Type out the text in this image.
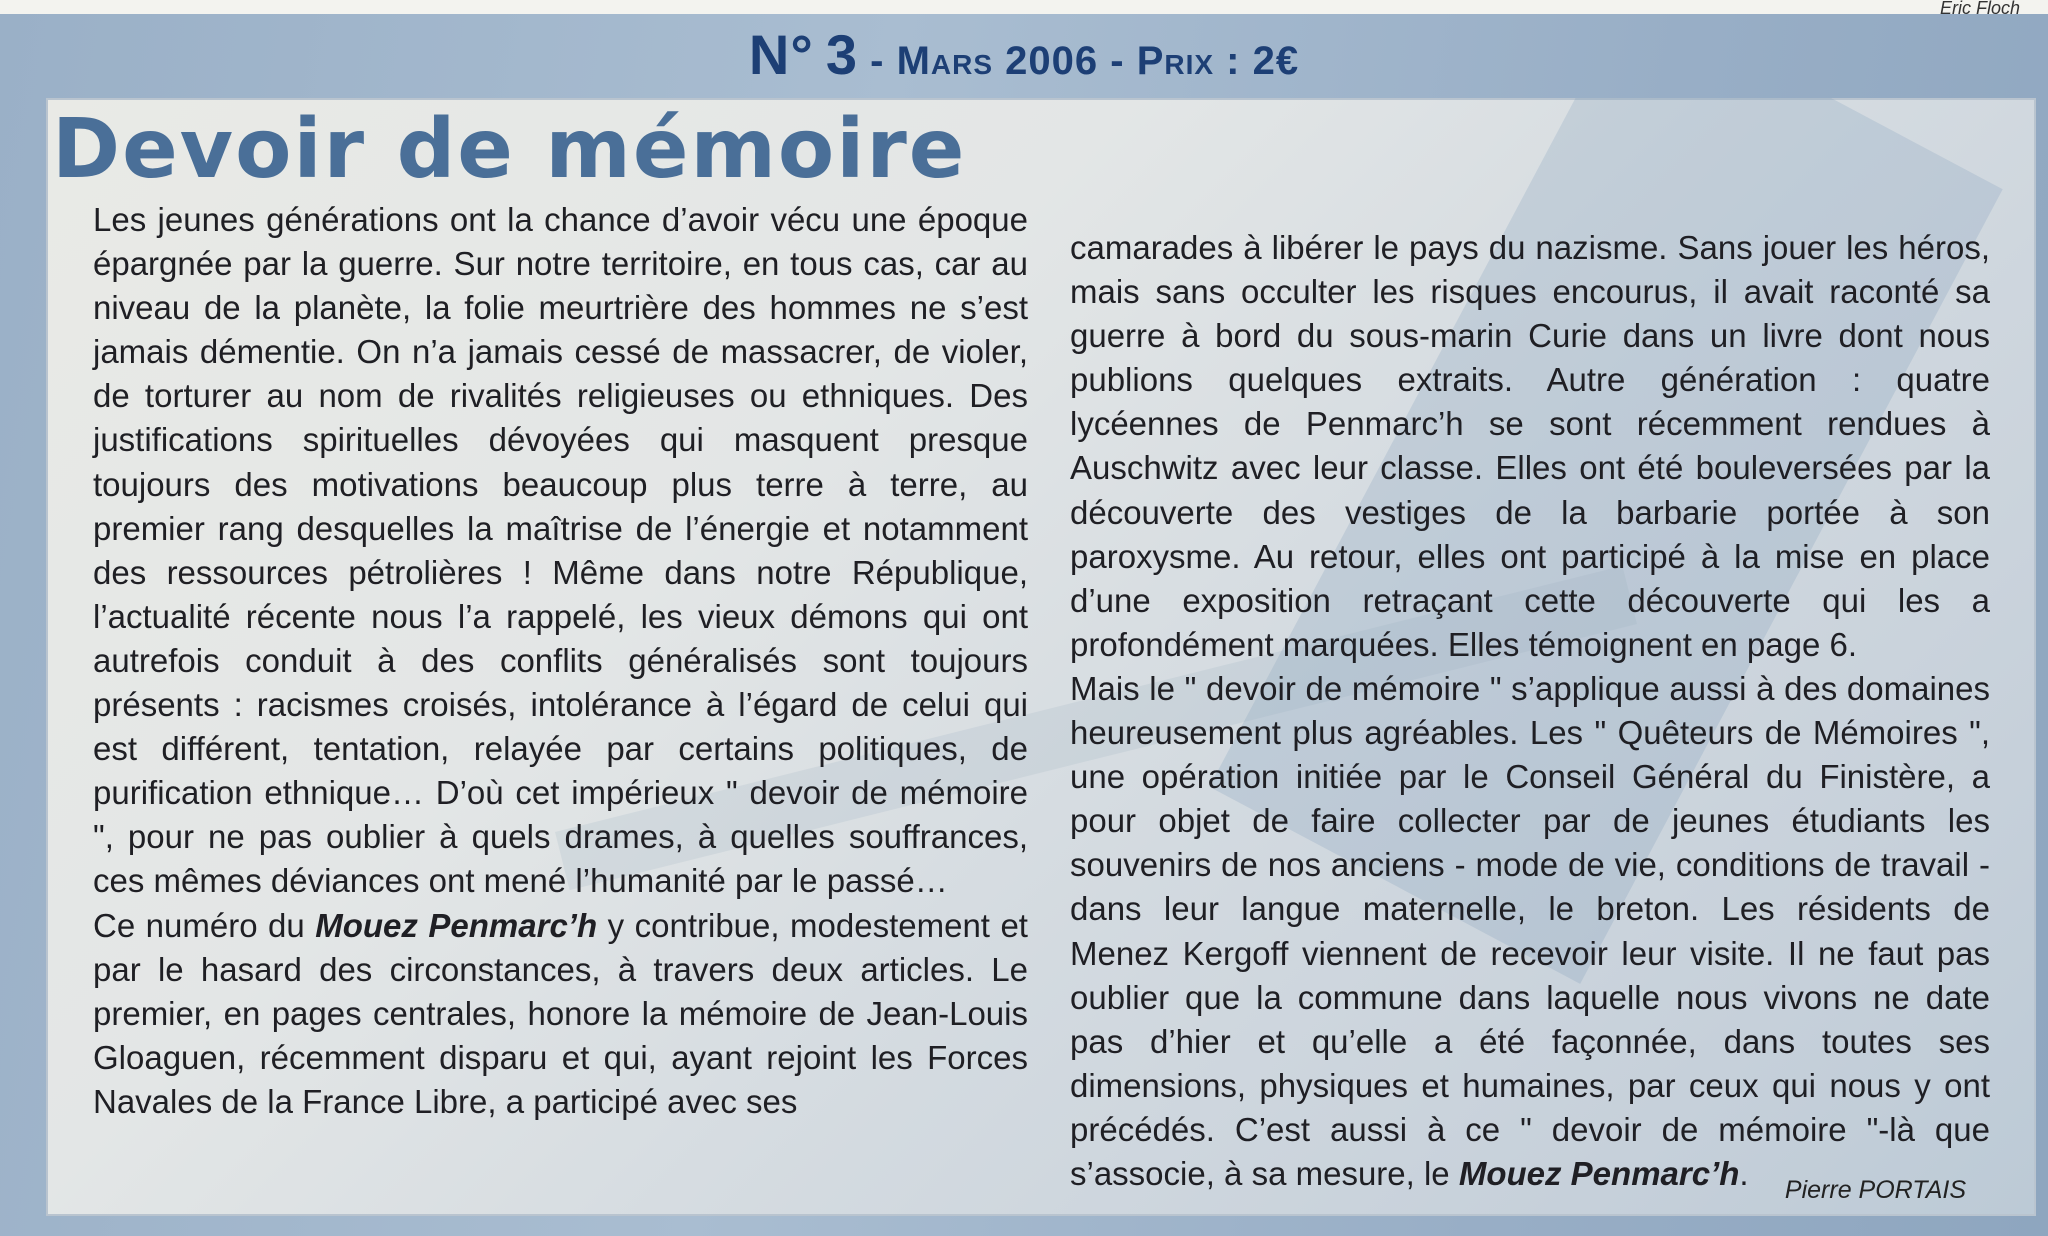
Eric Floch
N° 3 - Mars 2006 - Prix : 2€
Devoir de mémoire

Les jeunes générations ont la chance d’avoir vécu une époque épargnée par la guerre. Sur notre territoire, en tous cas, car au niveau de la planète, la folie meurtrière des hommes ne s’est jamais démentie. On n’a jamais cessé de massacrer, de violer, de torturer au nom de rivalités religieuses ou ethniques. Des justifications spirituelles dévoyées qui masquent presque toujours des motivations beaucoup plus terre à terre, au premier rang desquelles la maîtrise de l’énergie et notamment des ressources pétrolières ! Même dans notre République, l’actualité récente nous l’a rappelé, les vieux démons qui ont autrefois conduit à des conflits généralisés sont toujours présents : racismes croisés, intolérance à l’égard de celui qui est différent, tentation, relayée par certains politiques, de purification ethnique… D’où cet impérieux " devoir de mémoire ", pour ne pas oublier à quels drames, à quelles souffrances, ces mêmes déviances ont mené l’humanité par le passé…

Ce numéro du Mouez Penmarc’h y contribue, modestement et par le hasard des circonstances, à travers deux articles. Le premier, en pages centrales, honore la mémoire de Jean-Louis Gloaguen, récemment disparu et qui, ayant rejoint les Forces Navales de la France Libre, a participé avec ses

camarades à libérer le pays du nazisme. Sans jouer les héros, mais sans occulter les risques encourus, il avait raconté sa guerre à bord du sous-marin Curie dans un livre dont nous publions quelques extraits. Autre génération : quatre lycéennes de Penmarc’h se sont récemment rendues à Auschwitz avec leur classe. Elles ont été bouleversées par la découverte des vestiges de la barbarie portée à son paroxysme. Au retour, elles ont participé à la mise en place d’une exposition retraçant cette découverte qui les a profondément marquées. Elles témoignent en page 6.

Mais le " devoir de mémoire " s’applique aussi à des domaines heureusement plus agréables. Les " Quêteurs de Mémoires ", une opération initiée par le Conseil Général du Finistère, a pour objet de faire collecter par de jeunes étudiants les souvenirs de nos anciens - mode de vie, conditions de travail - dans leur langue maternelle, le breton. Les résidents de Menez Kergoff viennent de recevoir leur visite. Il ne faut pas oublier que la commune dans laquelle nous vivons ne date pas d’hier et qu’elle a été façonnée, dans toutes ses dimensions, physiques et humaines, par ceux qui nous y ont précédés. C’est aussi à ce " devoir de mémoire "-là que s’associe, à sa mesure, le Mouez Penmarc’h.	Pierre PORTAIS
